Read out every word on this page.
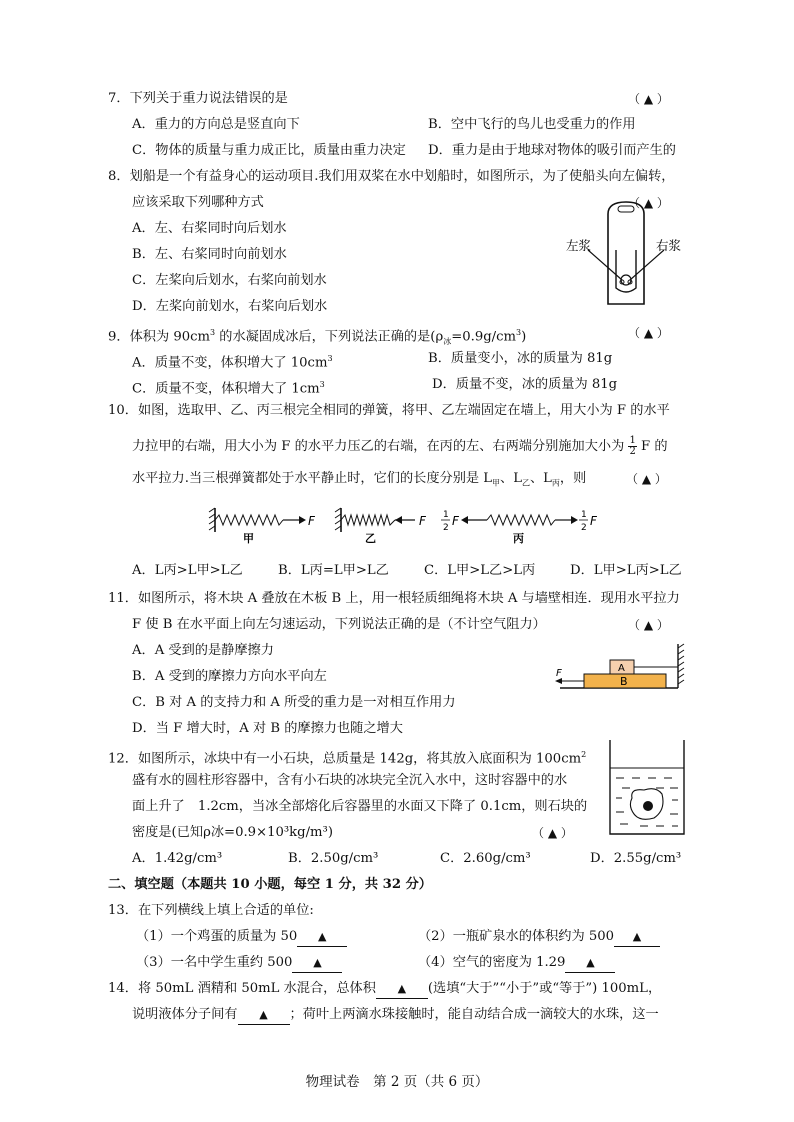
7．下列关于重力说法错误的是	（ ▲ ）
A．重力的方向总是竖直向下	B．空中飞行的鸟儿也受重力的作用
C．物体的质量与重力成正比，质量由重力决定 D．重力是由于地球对物体的吸引而产生的
8．划船是一个有益身心的运动项目.我们用双桨在水中划船时，如图所示，为了使船头向左偏转，
应该采取下列哪种方式	（ ▲ ）
A．左、右桨同时向后划水
B．左、右桨同时向前划水
C．左桨向后划水，右桨向前划水
D．左桨向前划水，右桨向后划水
左浆	右浆
9．体积为 $90cm^3$ 的水凝固成冰后，下列说法正确的是$(\rho_冰=0.9g/cm^3)$	（ ▲ ）
A．质量不变，体积增大了 $10cm^3$	B．质量变小，冰的质量为 81g
C．质量不变，体积增大了 $1cm^3$	D．质量不变，冰的质量为 81g
10．如图，选取甲、乙、丙三根完全相同的弹簧，将甲、乙左端固定在墙上，用大小为 F 的水平
力拉甲的右端，用大小为 F 的水平力压乙的右端，在丙的左、右两端分别施加大小为 $\frac{1}{2}$ F 的
水平拉力.当三根弹簧都处于水平静止时，它们的长度分别是 $L_甲$、$L_乙$、$L_丙$，则	（ ▲ ）
F
甲
F
乙
1
2 F	1
2 F
丙
A．L丙>L甲>L乙	B．L丙=L甲>L乙	C．L甲>L乙>L丙	D．L甲>L丙>L乙
11．如图所示，将木块 A 叠放在木板 B 上，用一根轻质细绳将木块 A 与墙壁相连．现用水平拉力
F 使 B 在水平面上向左匀速运动，下列说法正确的是（不计空气阻力）	（ ▲ ）
A．A 受到的是静摩擦力
B．A 受到的摩擦力方向水平向左
C．B 对 A 的支持力和 A 所受的重力是一对相互作用力
D．当 F 增大时，A 对 B 的摩擦力也随之增大
B
A
F
12．如图所示，冰块中有一小石块，总质量是 142g，将其放入底面积为 $100cm^2$
盛有水的圆柱形容器中，含有小石块的冰块完全沉入水中，这时容器中的水
面上升了　1.2cm，当冰全部熔化后容器里的水面又下降了 0.1cm，则石块的
密度是(已知ρ冰=0.9×10³kg/m³)	（ ▲ ）
A．1.42g/cm³	B．2.50g/cm³	C．2.60g/cm³	D．2.55g/cm³
二、填空题（本题共 10 小题，每空 1 分，共 32 分）
13．在下列横线上填上合适的单位:
（1）一个鸡蛋的质量为 50 ▲	（2）一瓶矿泉水的体积约为 500 ▲
（3）一名中学生重约 500 ▲	（4）空气的密度为 1.29 ▲
14．将 50mL 酒精和 50mL 水混合，总体积 ▲ (选填“大于”“小于”或“等于”) 100mL，
说明液体分子间有 ▲ ；荷叶上两滴水珠接触时，能自动结合成一滴较大的水珠，这一
物理试卷　第 2 页（共 6 页）
